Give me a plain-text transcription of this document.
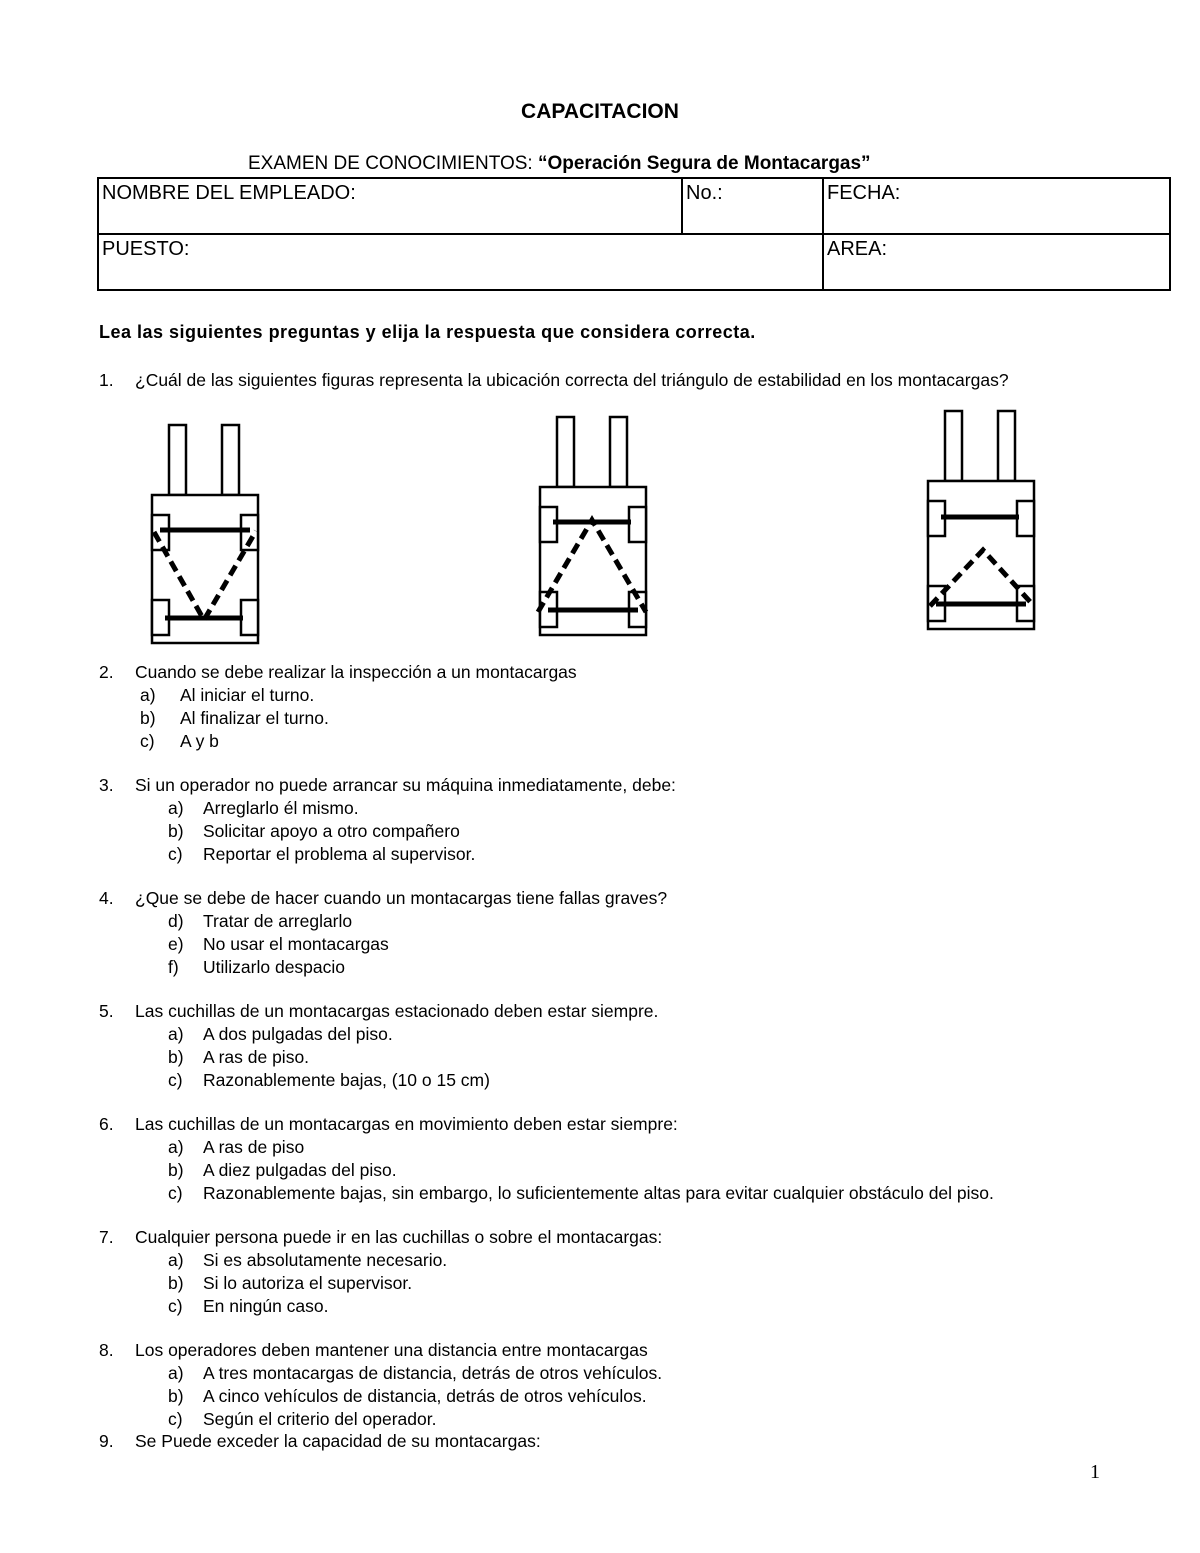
CAPACITACION
EXAMEN DE CONOCIMIENTOS: “Operación Segura de Montacargas”
NOMBRE DEL EMPLEADO:	No.:	FECHA:
PUESTO:		AREA:
Lea las siguientes preguntas y elija la respuesta que considera correcta.
1. ¿Cuál de las siguientes figuras representa la ubicación correcta del triángulo de estabilidad en los montacargas?
2. Cuando se debe realizar la inspección a un montacargas
a) Al iniciar el turno.
b) Al finalizar el turno.
c) A y b
3. Si un operador no puede arrancar su máquina inmediatamente, debe:
a) Arreglarlo él mismo.
b) Solicitar apoyo a otro compañero
c) Reportar el problema al supervisor.
4. ¿Que se debe de hacer cuando un montacargas tiene fallas graves?
d) Tratar de arreglarlo
e) No usar el montacargas
f) Utilizarlo despacio
5. Las cuchillas de un montacargas estacionado deben estar siempre.
a) A dos pulgadas del piso.
b) A ras de piso.
c) Razonablemente bajas, (10 o 15 cm)
6. Las cuchillas de un montacargas en movimiento deben estar siempre:
a) A ras de piso
b) A diez pulgadas del piso.
c) Razonablemente bajas, sin embargo, lo suficientemente altas para evitar cualquier obstáculo del piso.
7. Cualquier persona puede ir en las cuchillas o sobre el montacargas:
a) Si es absolutamente necesario.
b) Si lo autoriza el supervisor.
c) En ningún caso.
8. Los operadores deben mantener una distancia entre montacargas
a) A tres montacargas de distancia, detrás de otros vehículos.
b) A cinco vehículos de distancia, detrás de otros vehículos.
c) Según el criterio del operador.
9. Se Puede exceder la capacidad de su montacargas:
1
